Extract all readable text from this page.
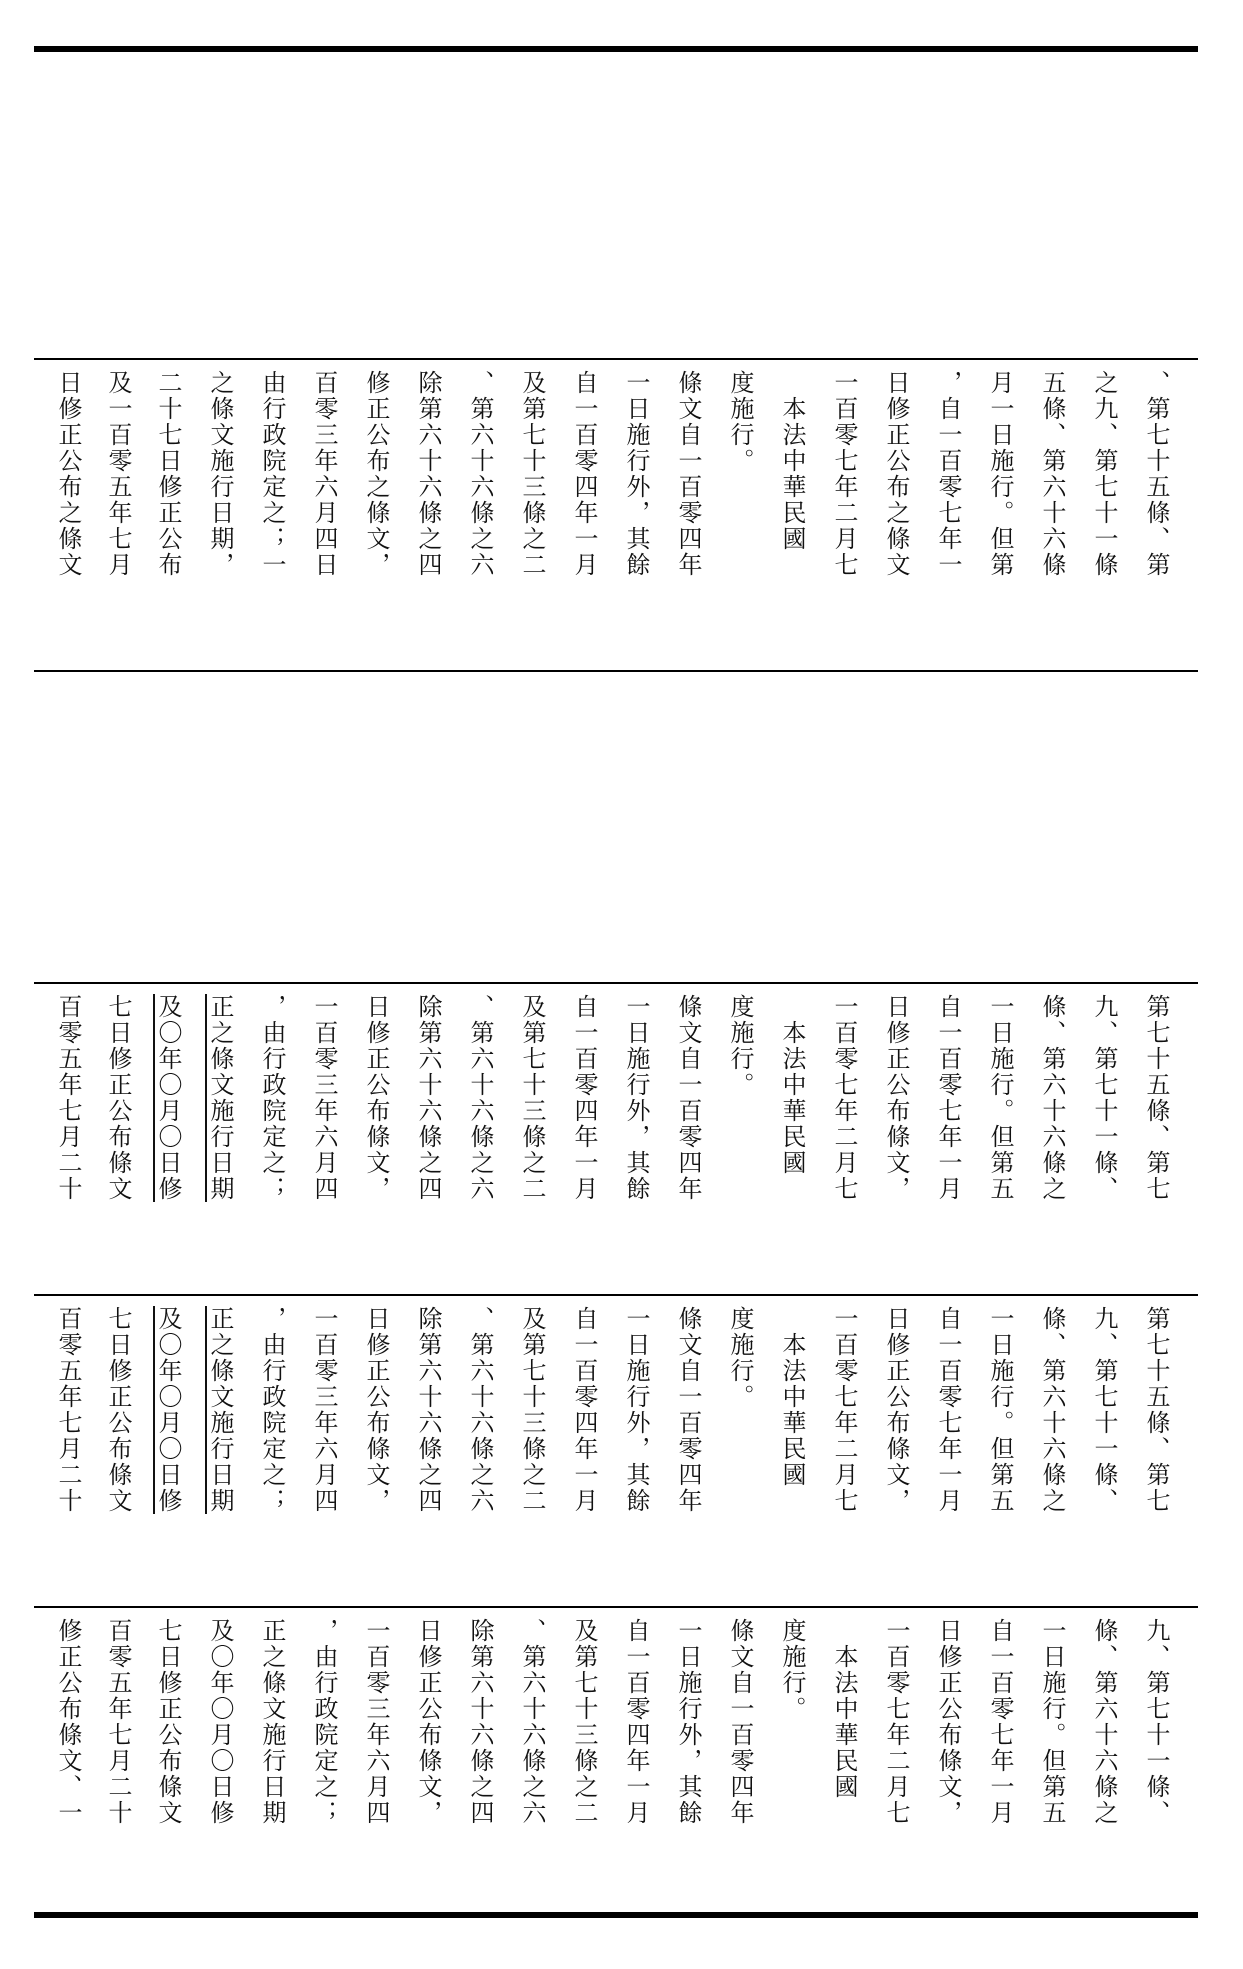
日修正公布之條文 及一百零五年七月 二十七日修正公布 之條文施行日期， 由行政院定之；一 百零三年六月四日 修正公布之條文， 除第六十六條之四 、第六十六條之六 及第七十三條之二 自一百零四年一月 一日施行外，其餘 條文自一百零四年 度施行。 　本法中華民國 一百零七年二月七 日修正公布之條文 ，自一百零七年一 月一日施行。但第 五條、第六十六條 之九、第七十一條 、第七十五條、第
百零五年七月二十 七日修正公布條文 及〇年〇月〇日修 正之條文施行日期 ，由行政院定之； 一百零三年六月四 日修正公布條文， 除第六十六條之四 、第六十六條之六 及第七十三條之二 自一百零四年一月 一日施行外，其餘 條文自一百零四年 度施行。 　本法中華民國 一百零七年二月七 日修正公布條文， 自一百零七年一月 一日施行。但第五 條、第六十六條之 九、第七十一條、 第七十五條、第七
百零五年七月二十 七日修正公布條文 及〇年〇月〇日修 正之條文施行日期 ，由行政院定之； 一百零三年六月四 日修正公布條文， 除第六十六條之四 、第六十六條之六 及第七十三條之二 自一百零四年一月 一日施行外，其餘 條文自一百零四年 度施行。 　本法中華民國 一百零七年二月七 日修正公布條文， 自一百零七年一月 一日施行。但第五 條、第六十六條之 九、第七十一條、 第七十五條、第七
修正公布條文、一 百零五年七月二十 七日修正公布條文 及〇年〇月〇日修 正之條文施行日期 ，由行政院定之； 一百零三年六月四 日修正公布條文， 除第六十六條之四 、第六十六條之六 及第七十三條之二 自一百零四年一月 一日施行外，其餘 條文自一百零四年 度施行。 　本法中華民國 一百零七年二月七 日修正公布條文， 自一百零七年一月 一日施行。但第五 條、第六十六條之 九、第七十一條、
